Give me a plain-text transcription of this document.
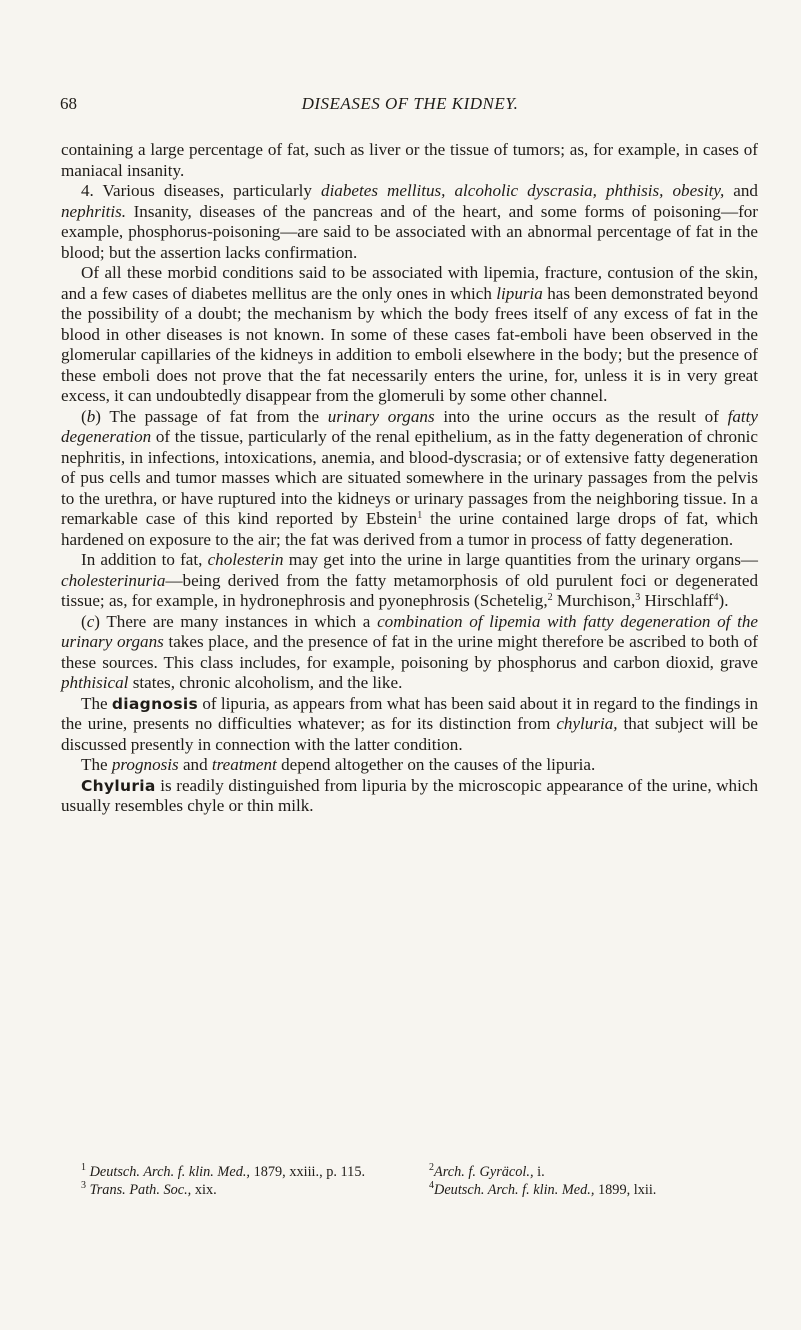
68	DISEASES OF THE KIDNEY.

containing a large percentage of fat, such as liver or the tissue of tumors; as, for example, in cases of maniacal insanity.

4. Various diseases, particularly diabetes mellitus, alcoholic dyscrasia, phthisis, obesity, and nephritis. Insanity, diseases of the pancreas and of the heart, and some forms of poisoning—for example, phosphorus-poisoning—are said to be associated with an abnormal percentage of fat in the blood; but the assertion lacks confirmation.

Of all these morbid conditions said to be associated with lipemia, fracture, contusion of the skin, and a few cases of diabetes mellitus are the only ones in which lipuria has been demonstrated beyond the possibility of a doubt; the mechanism by which the body frees itself of any excess of fat in the blood in other diseases is not known. In some of these cases fat-emboli have been observed in the glomerular capillaries of the kidneys in addition to emboli elsewhere in the body; but the presence of these emboli does not prove that the fat necessarily enters the urine, for, unless it is in very great excess, it can undoubtedly disappear from the glomeruli by some other channel.

(b) The passage of fat from the urinary organs into the urine occurs as the result of fatty degeneration of the tissue, particularly of the renal epithelium, as in the fatty degeneration of chronic nephritis, in infections, intoxications, anemia, and blood-dyscrasia; or of extensive fatty degeneration of pus cells and tumor masses which are situated somewhere in the urinary passages from the pelvis to the urethra, or have ruptured into the kidneys or urinary passages from the neighboring tissue. In a remarkable case of this kind reported by Ebstein$^1$ the urine contained large drops of fat, which hardened on exposure to the air; the fat was derived from a tumor in process of fatty degeneration.

In addition to fat, cholesterin may get into the urine in large quantities from the urinary organs—cholesterinuria—being derived from the fatty metamorphosis of old purulent foci or degenerated tissue; as, for example, in hydronephrosis and pyonephrosis (Schetelig,$^2$ Murchison,$^3$ Hirschlaff$^4$).

(c) There are many instances in which a combination of lipemia with fatty degeneration of the urinary organs takes place, and the presence of fat in the urine might therefore be ascribed to both of these sources. This class includes, for example, poisoning by phosphorus and carbon dioxid, grave phthisical states, chronic alcoholism, and the like.

The diagnosis of lipuria, as appears from what has been said about it in regard to the findings in the urine, presents no difficulties whatever; as for its distinction from chyluria, that subject will be discussed presently in connection with the latter condition.

The prognosis and treatment depend altogether on the causes of the lipuria.

Chyluria is readily distinguished from lipuria by the microscopic appearance of the urine, which usually resembles chyle or thin milk.

$^1$ Deutsch. Arch. f. klin. Med., 1879, xxiii., p. 115.	$^2$Arch. f. Gyräcol., i.
$^3$ Trans. Path. Soc., xix.	$^4$Deutsch. Arch. f. klin. Med., 1899, lxii.
